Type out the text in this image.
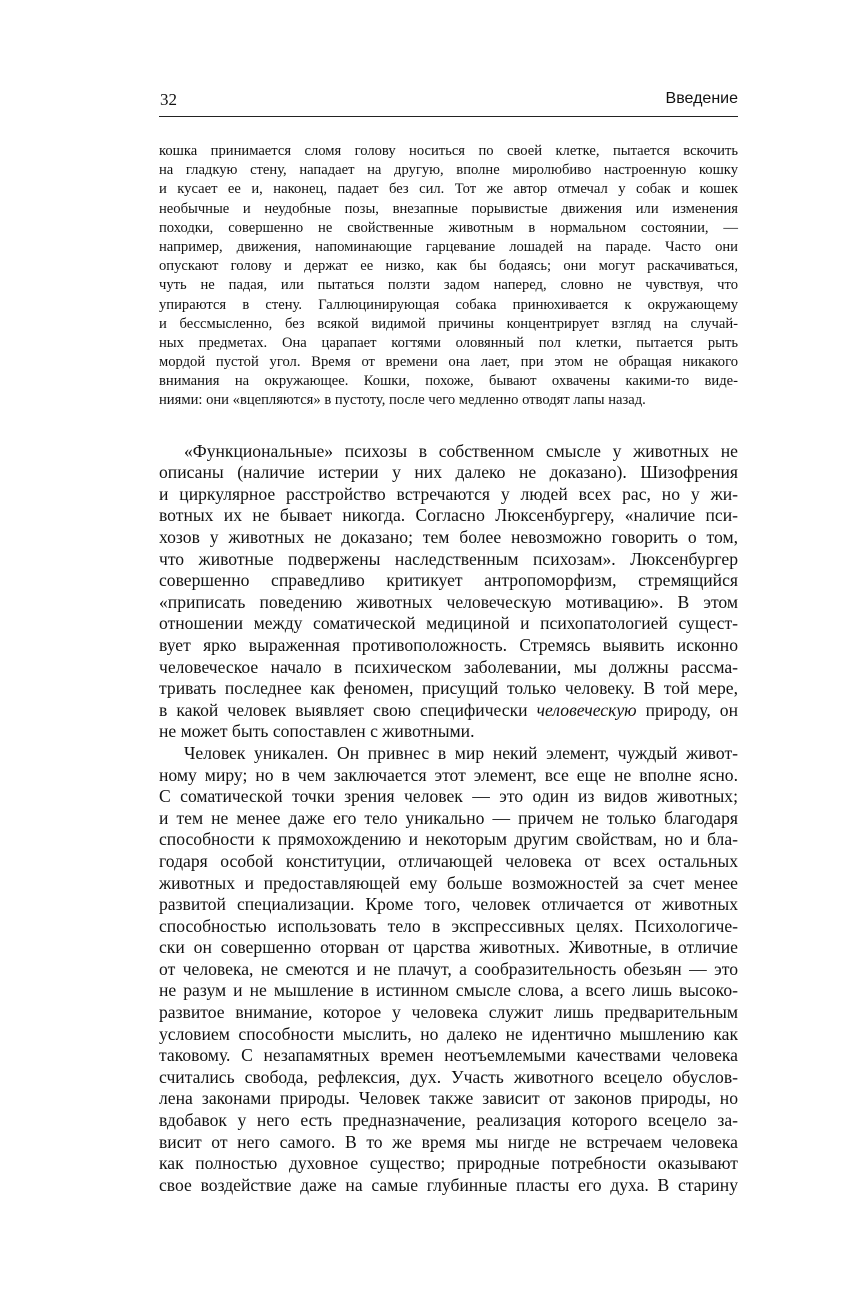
32	Введение
кошка принимается сломя голову носиться по своей клетке, пытается вскочить
на гладкую стену, нападает на другую, вполне миролюбиво настроенную кошку
и кусает ее и, наконец, падает без сил. Тот же автор отмечал у собак и кошек
необычные и неудобные позы, внезапные порывистые движения или изменения
походки, совершенно не свойственные животным в нормальном состоянии, —
например, движения, напоминающие гарцевание лошадей на параде. Часто они
опускают голову и держат ее низко, как бы бодаясь; они могут раскачиваться,
чуть не падая, или пытаться ползти задом наперед, словно не чувствуя, что
упираются в стену. Галлюцинирующая собака принюхивается к окружающему
и бессмысленно, без всякой видимой причины концентрирует взгляд на случай-
ных предметах. Она царапает когтями оловянный пол клетки, пытается рыть
мордой пустой угол. Время от времени она лает, при этом не обращая никакого
внимания на окружающее. Кошки, похоже, бывают охвачены какими-то виде-
ниями: они «вцепляются» в пустоту, после чего медленно отводят лапы назад.
«Функциональные» психозы в собственном смысле у животных не
описаны (наличие истерии у них далеко не доказано). Шизофрения
и циркулярное расстройство встречаются у людей всех рас, но у жи-
вотных их не бывает никогда. Согласно Люксенбургеру, «наличие пси-
хозов у животных не доказано; тем более невозможно говорить о том,
что животные подвержены наследственным психозам». Люксенбургер
совершенно справедливо критикует антропоморфизм, стремящийся
«приписать поведению животных человеческую мотивацию». В этом
отношении между соматической медициной и психопатологией сущест-
вует ярко выраженная противоположность. Стремясь выявить исконно
человеческое начало в психическом заболевании, мы должны рассма-
тривать последнее как феномен, присущий только человеку. В той мере,
в какой человек выявляет свою специфически человеческую природу, он
не может быть сопоставлен с животными.
Человек уникален. Он привнес в мир некий элемент, чуждый живот-
ному миру; но в чем заключается этот элемент, все еще не вполне ясно.
С соматической точки зрения человек — это один из видов животных;
и тем не менее даже его тело уникально — причем не только благодаря
способности к прямохождению и некоторым другим свойствам, но и бла-
годаря особой конституции, отличающей человека от всех остальных
животных и предоставляющей ему больше возможностей за счет менее
развитой специализации. Кроме того, человек отличается от животных
способностью использовать тело в экспрессивных целях. Психологиче-
ски он совершенно оторван от царства животных. Животные, в отличие
от человека, не смеются и не плачут, а сообразительность обезьян — это
не разум и не мышление в истинном смысле слова, а всего лишь высоко-
развитое внимание, которое у человека служит лишь предварительным
условием способности мыслить, но далеко не идентично мышлению как
таковому. С незапамятных времен неотъемлемыми качествами человека
считались свобода, рефлексия, дух. Участь животного всецело обуслов-
лена законами природы. Человек также зависит от законов природы, но
вдобавок у него есть предназначение, реализация которого всецело за-
висит от него самого. В то же время мы нигде не встречаем человека
как полностью духовное существо; природные потребности оказывают
свое воздействие даже на самые глубинные пласты его духа. В старину
